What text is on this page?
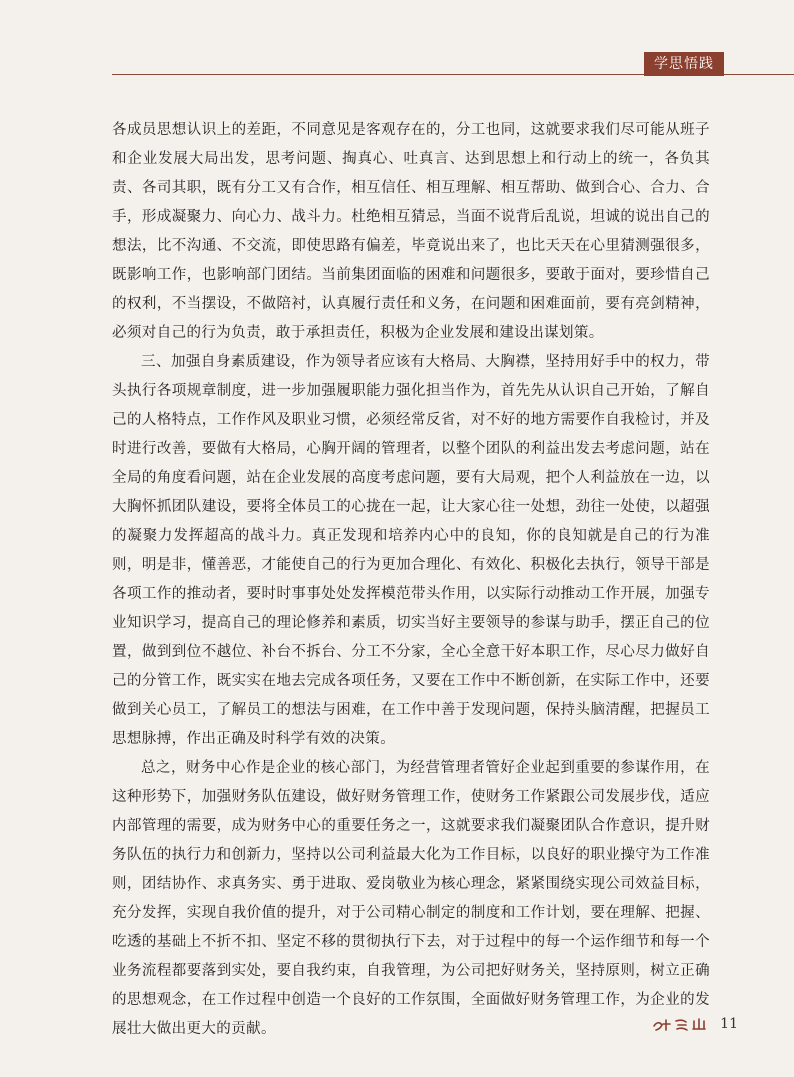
学思悟践

各成员思想认识上的差距，不同意见是客观存在的，分工也同，这就要求我们尽可能从班子和企业发展大局出发，思考问题、掏真心、吐真言、达到思想上和行动上的统一，各负其责、各司其职，既有分工又有合作，相互信任、相互理解、相互帮助、做到合心、合力、合手，形成凝聚力、向心力、战斗力。杜绝相互猜忌，当面不说背后乱说，坦诚的说出自己的想法，比不沟通、不交流，即使思路有偏差，毕竟说出来了，也比天天在心里猜测强很多，既影响工作，也影响部门团结。当前集团面临的困难和问题很多，要敢于面对，要珍惜自己的权利，不当摆设，不做陪衬，认真履行责任和义务，在问题和困难面前，要有亮剑精神，必须对自己的行为负责，敢于承担责任，积极为企业发展和建设出谋划策。

三、加强自身素质建设，作为领导者应该有大格局、大胸襟，坚持用好手中的权力，带头执行各项规章制度，进一步加强履职能力强化担当作为，首先先从认识自己开始，了解自己的人格特点，工作作风及职业习惯，必须经常反省，对不好的地方需要作自我检讨，并及时进行改善，要做有大格局，心胸开阔的管理者，以整个团队的利益出发去考虑问题，站在全局的角度看问题，站在企业发展的高度考虑问题，要有大局观，把个人利益放在一边，以大胸怀抓团队建设，要将全体员工的心拢在一起，让大家心往一处想，劲往一处使，以超强的凝聚力发挥超高的战斗力。真正发现和培养内心中的良知，你的良知就是自己的行为准则，明是非，懂善恶，才能使自己的行为更加合理化、有效化、积极化去执行，领导干部是各项工作的推动者，要时时事事处处发挥模范带头作用，以实际行动推动工作开展，加强专业知识学习，提高自己的理论修养和素质，切实当好主要领导的参谋与助手，摆正自己的位置，做到到位不越位、补台不拆台、分工不分家，全心全意干好本职工作，尽心尽力做好自己的分管工作，既实实在地去完成各项任务，又要在工作中不断创新，在实际工作中，还要做到关心员工，了解员工的想法与困难，在工作中善于发现问题，保持头脑清醒，把握员工思想脉搏，作出正确及时科学有效的决策。

总之，财务中心作是企业的核心部门，为经营管理者管好企业起到重要的参谋作用，在这种形势下，加强财务队伍建设，做好财务管理工作，使财务工作紧跟公司发展步伐，适应内部管理的需要，成为财务中心的重要任务之一，这就要求我们凝聚团队合作意识，提升财务队伍的执行力和创新力，坚持以公司利益最大化为工作目标，以良好的职业操守为工作准则，团结协作、求真务实、勇于进取、爱岗敬业为核心理念，紧紧围绕实现公司效益目标，充分发挥，实现自我价值的提升，对于公司精心制定的制度和工作计划，要在理解、把握、吃透的基础上不折不扣、坚定不移的贯彻执行下去，对于过程中的每一个运作细节和每一个业务流程都要落到实处，要自我约束，自我管理，为公司把好财务关，坚持原则，树立正确的思想观念，在工作过程中创造一个良好的工作氛围，全面做好财务管理工作，为企业的发展壮大做出更大的贡献。	11
